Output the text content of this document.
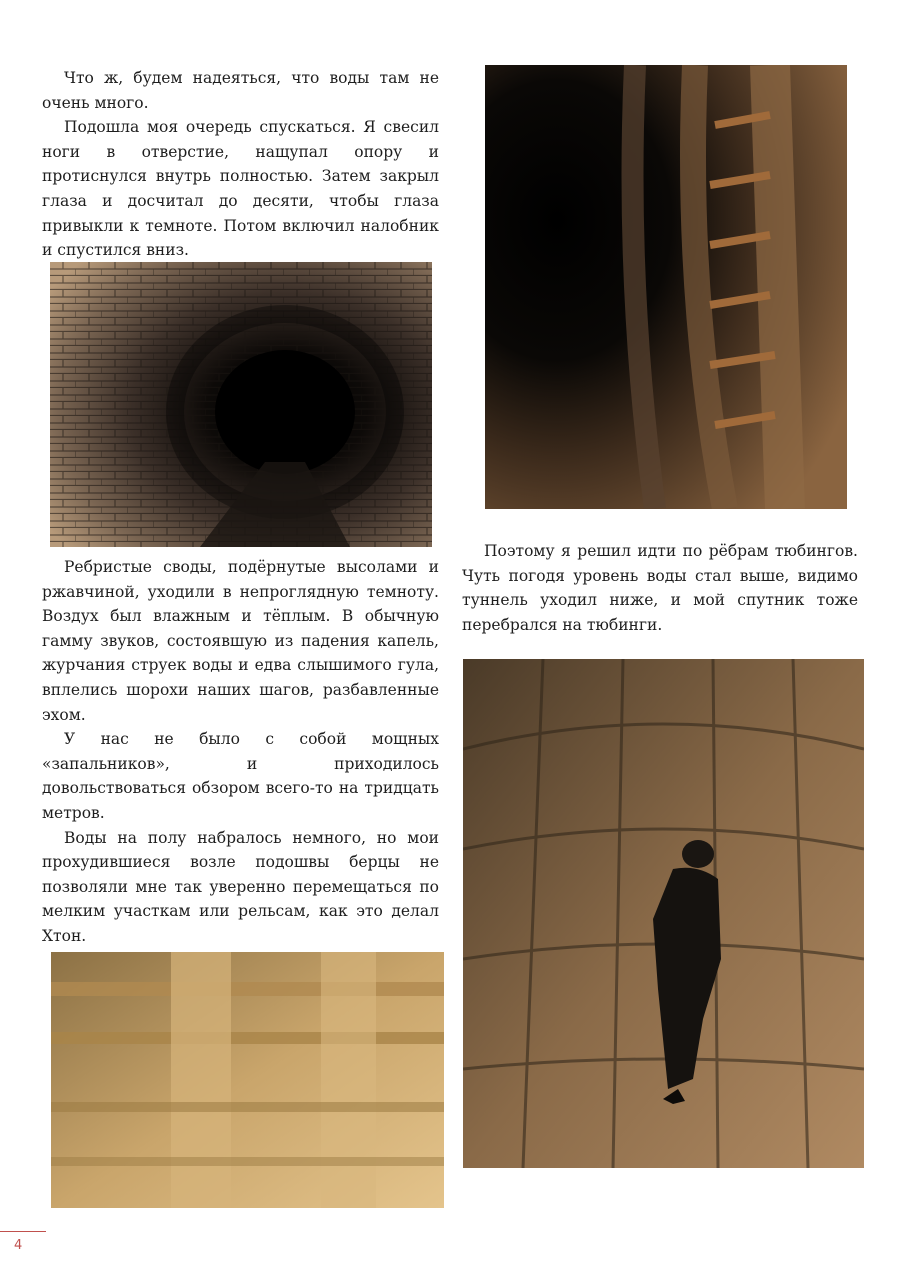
Что ж, будем надеяться, что воды там не очень много.

Подошла моя очередь спускаться. Я свесил ноги в отверстие, нащупал опору и протиснулся внутрь полностью. Затем закрыл глаза и досчитал до десяти, чтобы глаза привыкли к темноте. Потом включил налобник и спустился вниз.

Ребристые своды, подёрнутые высолами и ржавчиной, уходили в непроглядную темноту. Воздух был влажным и тёплым. В обычную гамму звуков, состоявшую из падения капель, журчания струек воды и едва слышимого гула, вплелись шорохи наших шагов, разбавленные эхом.

У нас не было с собой мощных «запальников», и приходилось довольствоваться обзором всего-то на тридцать метров.

Воды на полу набралось немного, но мои прохудившиеся возле подошвы берцы не позволяли мне так уверенно перемещаться по мелким участкам или рельсам, как это делал Хтон.

Поэтому я решил идти по рёбрам тюбингов. Чуть погодя уровень воды стал выше, видимо туннель уходил ниже, и мой спутник тоже перебрался на тюбинги.

4
